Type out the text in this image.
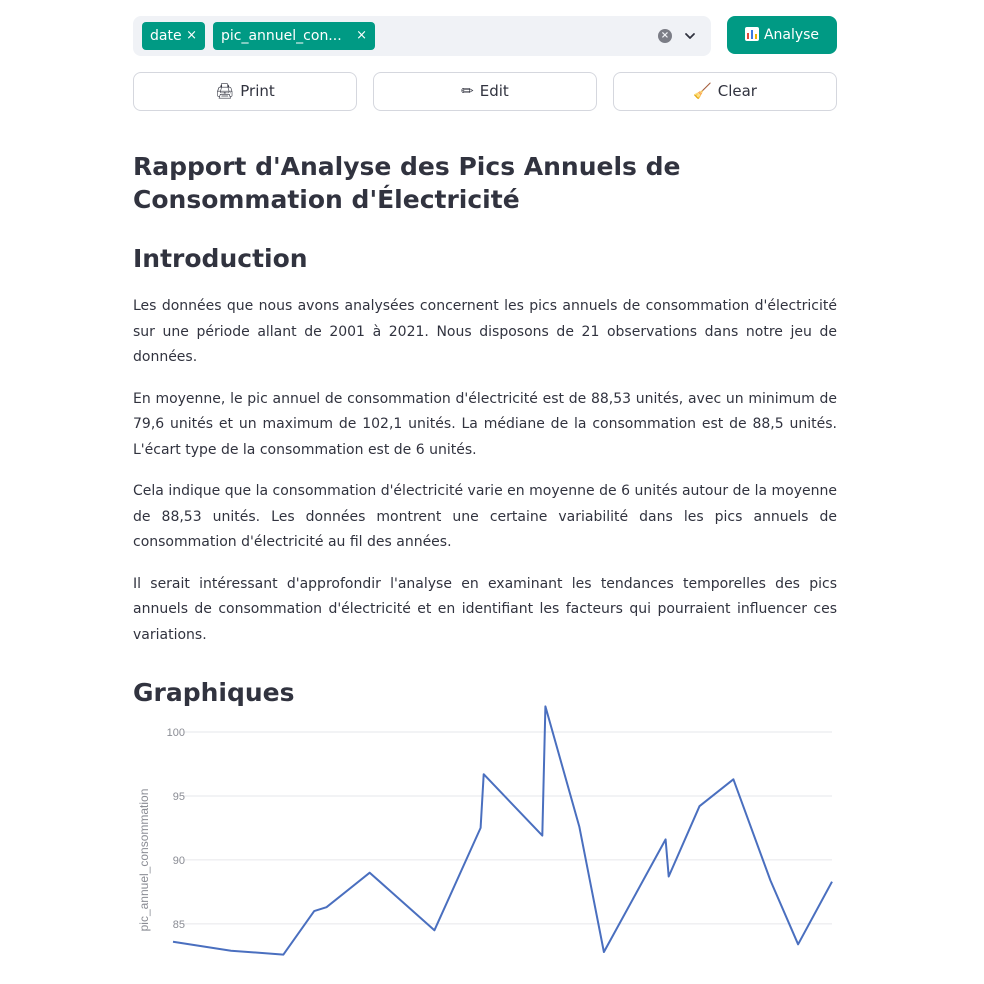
date ×	pic_annuel_con... ×	×	Analyse
🖨 Print	✏ Edit	🧹 Clear
Rapport d'Analyse des Pics Annuels de Consommation d'Électricité
Introduction

Les données que nous avons analysées concernent les pics annuels de consommation d'électricité sur une période allant de 2001 à 2021. Nous disposons de 21 observations dans notre jeu de données.

En moyenne, le pic annuel de consommation d'électricité est de 88,53 unités, avec un minimum de 79,6 unités et un maximum de 102,1 unités. La médiane de la consommation est de 88,5 unités. L'écart type de la consommation est de 6 unités.

Cela indique que la consommation d'électricité varie en moyenne de 6 unités autour de la moyenne de 88,53 unités. Les données montrent une certaine variabilité dans les pics annuels de consommation d'électricité au fil des années.

Il serait intéressant d'approfondir l'analyse en examinant les tendances temporelles des pics annuels de consommation d'électricité et en identifiant les facteurs qui pourraient influencer ces variations.

Graphiques
85
90
95
100
pic_annuel_consommation
